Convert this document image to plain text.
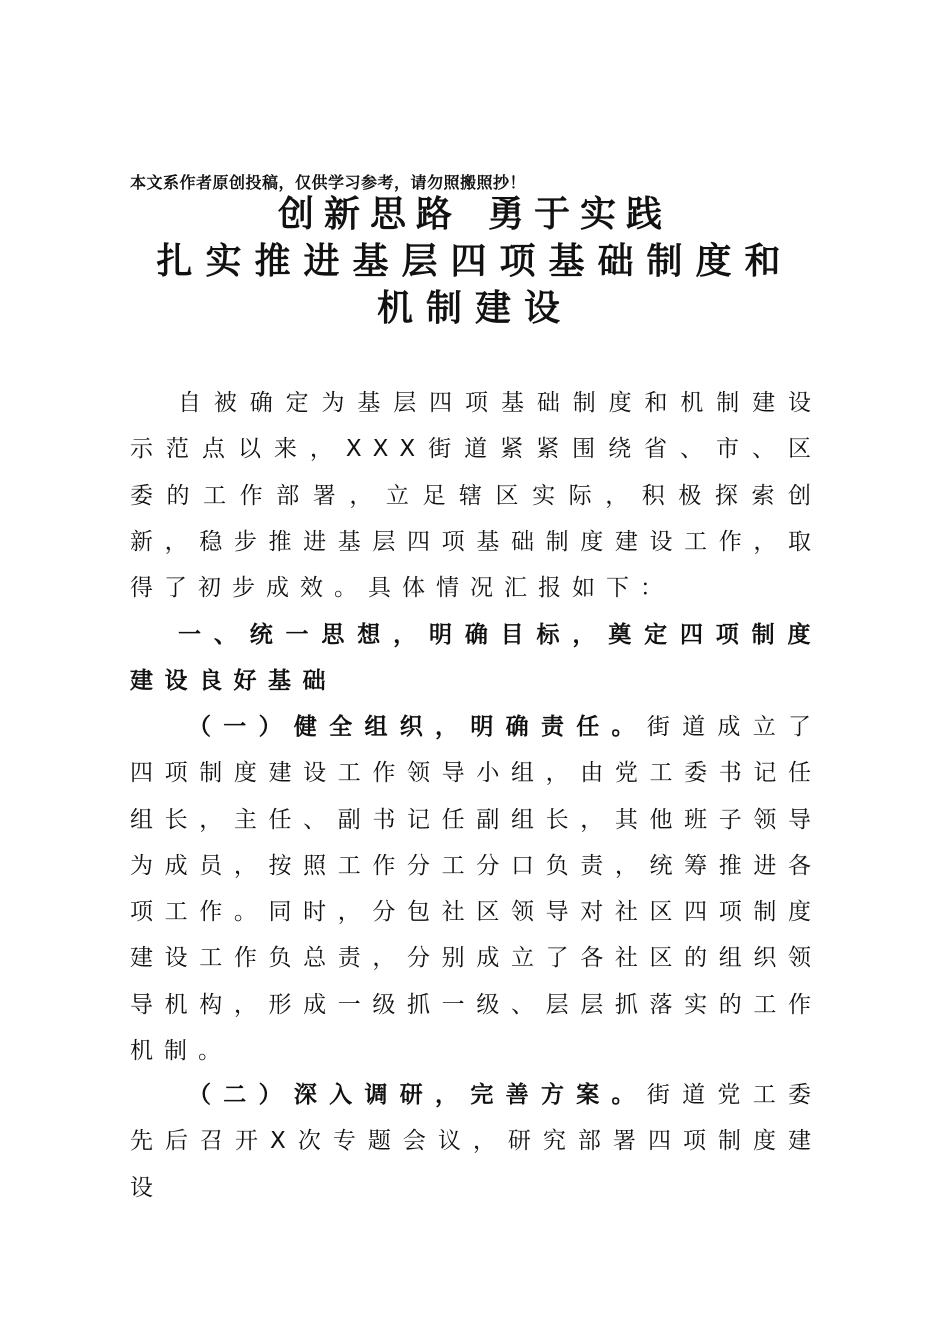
本文系作者原创投稿，仅供学习参考，请勿照搬照抄！
创新思路 勇于实践
扎实推进基层四项基础制度和
机制建设
自被确定为基层四项基础制度和机制建设示范点以来，XXX街道紧紧围绕省、市、区委的工作部署，立足辖区实际，积极探索创新，稳步推进基层四项基础制度建设工作，取得了初步成效。具体情况汇报如下：
一、统一思想，明确目标，奠定四项制度建设良好基础
（一）健全组织，明确责任。街道成立了四项制度建设工作领导小组，由党工委书记任组长，主任、副书记任副组长，其他班子领导为成员，按照工作分工分口负责，统筹推进各项工作。同时，分包社区领导对社区四项制度建设工作负总责，分别成立了各社区的组织领导机构，形成一级抓一级、层层抓落实的工作机制。
（二）深入调研，完善方案。街道党工委先后召开X次专题会议，研究部署四项制度建设
